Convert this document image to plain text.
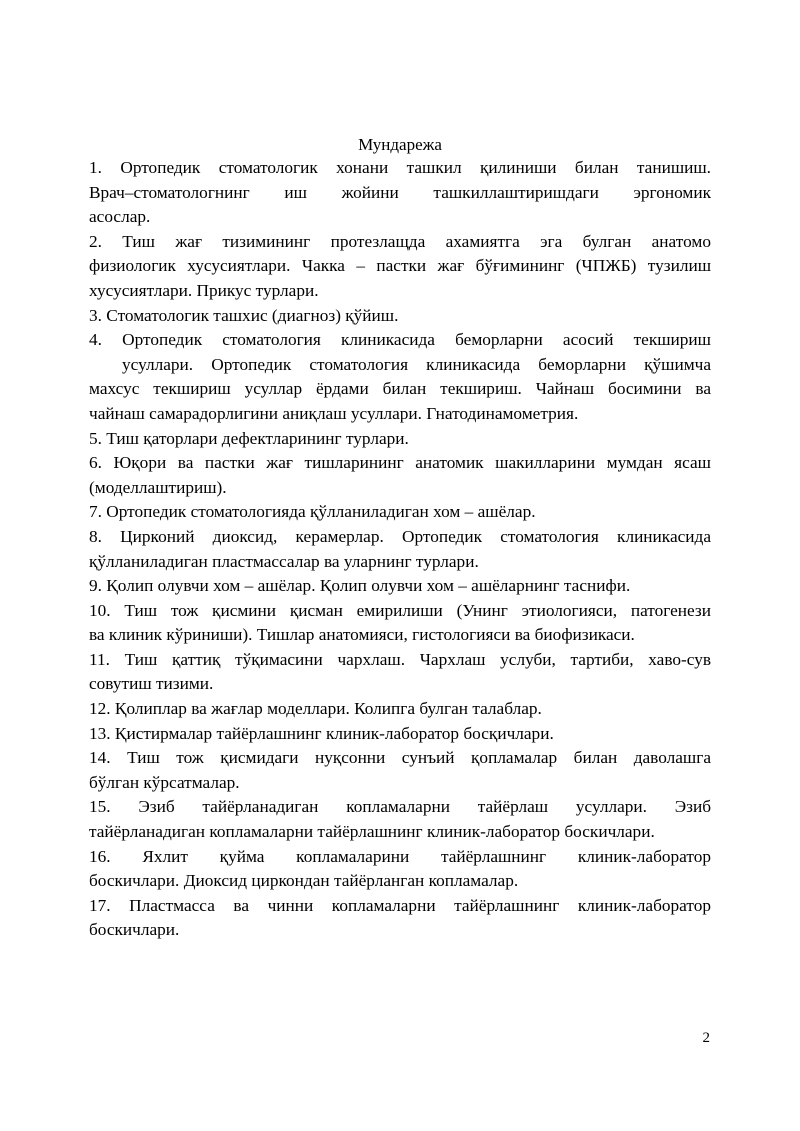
Мундарежа
1. Ортопедик стоматологик хонани ташкил қилиниши билан танишиш.
Врач–стоматологнинг иш жойини ташкиллаштиришдаги эргономик
асослар.
2. Тиш жағ тизимининг протезлащда ахамиятга эга булган анатомо
физиологик хусусиятлари. Чакка – пастки жағ бўғимининг (ЧПЖБ) тузилиш
хусусиятлари. Прикус турлари.
3. Стоматологик ташхис (диагноз) қўйиш.
4. Ортопедик стоматология клиникасида беморларни асосий текшириш
усуллари. Ортопедик стоматология клиникасида беморларни қўшимча
махсус текшириш усуллар ёрдами билан текшириш. Чайнаш босимини ва
чайнаш самарадорлигини аниқлаш усуллари. Гнатодинамометрия.
5. Тиш қаторлари дефектларининг турлари.
6. Юқори ва пастки жағ тишларининг анатомик шакилларини мумдан ясаш
(моделлаштириш).
7. Ортопедик стоматологияда қўлланиладиган хом – ашёлар.
8. Цирконий диоксид, керамерлар. Ортопедик стоматология клиникасида
қўлланиладиган пластмассалар ва уларнинг турлари.
9. Қолип олувчи хом – ашёлар. Қолип олувчи хом – ашёларнинг таснифи.
10. Тиш тож қисмини қисман емирилиши (Унинг этиологияси, патогенези
ва клиник кўриниши). Тишлар анатомияси, гистологияси ва биофизикаси.
11. Тиш қаттиқ тўқимасини чархлаш. Чархлаш услуби, тартиби, хаво-сув
совутиш тизими.
12. Қолиплар ва жағлар моделлари. Колипга булган талаблар.
13. Қистирмалар тайёрлашнинг клиник-лаборатор босқичлари.
14. Тиш тож қисмидаги нуқсонни сунъий қопламалар билан даволашга
бўлган кўрсатмалар.
15. Эзиб тайёрланадиган копламаларни тайёрлаш усуллари. Эзиб
тайёрланадиган копламаларни тайёрлашнинг клиник-лаборатор боскичлари.
16. Яхлит қуйма копламаларини тайёрлашнинг клиник-лаборатор
боскичлари. Диоксид циркондан тайёрланган копламалар.
17. Пластмасса ва чинни копламаларни тайёрлашнинг клиник-лаборатор
боскичлари.
2
